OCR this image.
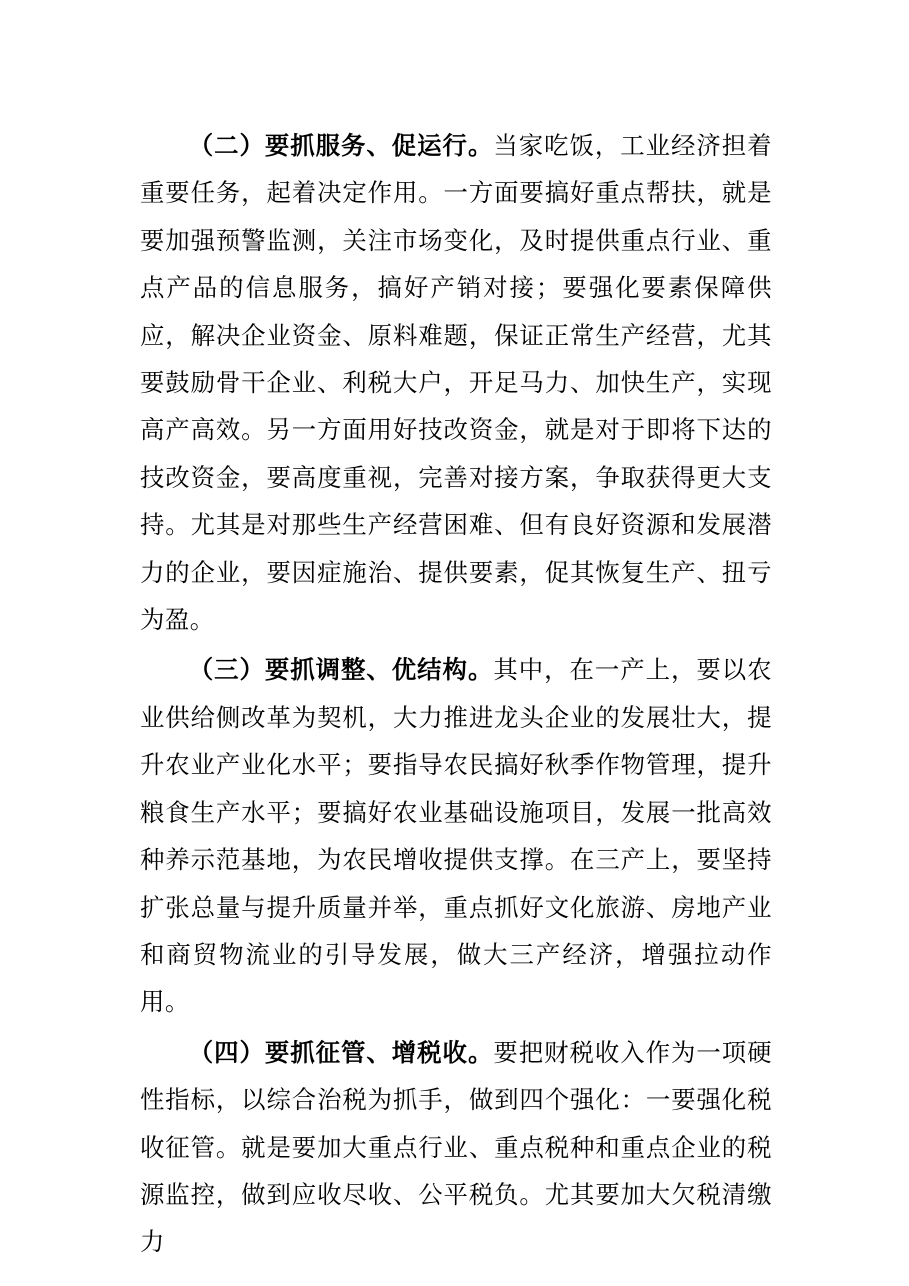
（二）要抓服务、促运行。当家吃饭，工业经济担着重要任务，起着决定作用。一方面要搞好重点帮扶，就是要加强预警监测，关注市场变化，及时提供重点行业、重点产品的信息服务，搞好产销对接；要强化要素保障供应，解决企业资金、原料难题，保证正常生产经营，尤其要鼓励骨干企业、利税大户，开足马力、加快生产，实现高产高效。另一方面用好技改资金，就是对于即将下达的技改资金，要高度重视，完善对接方案，争取获得更大支持。尤其是对那些生产经营困难、但有良好资源和发展潜力的企业，要因症施治、提供要素，促其恢复生产、扭亏为盈。

（三）要抓调整、优结构。其中，在一产上，要以农业供给侧改革为契机，大力推进龙头企业的发展壮大，提升农业产业化水平；要指导农民搞好秋季作物管理，提升粮食生产水平；要搞好农业基础设施项目，发展一批高效种养示范基地，为农民增收提供支撑。在三产上，要坚持扩张总量与提升质量并举，重点抓好文化旅游、房地产业和商贸物流业的引导发展，做大三产经济，增强拉动作用。

（四）要抓征管、增税收。要把财税收入作为一项硬性指标，以综合治税为抓手，做到四个强化：一要强化税收征管。就是要加大重点行业、重点税种和重点企业的税源监控，做到应收尽收、公平税负。尤其要加大欠税清缴力
